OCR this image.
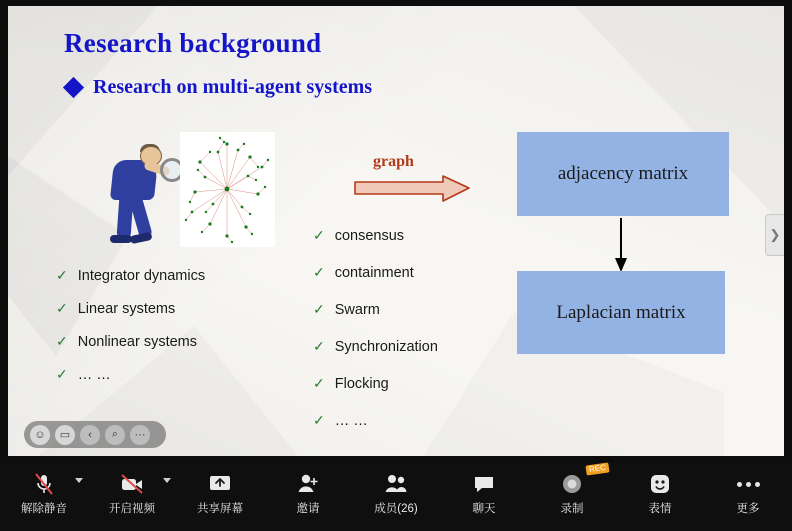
Research background
Research on multi-agent systems
graph
✓ Integrator dynamics
✓ Linear systems
✓ Nonlinear systems
✓ … …
✓ consensus
✓ containment
✓ Swarm
✓ Synchronization
✓ Flocking
✓ … …
adjacency matrix
Laplacian matrix
❯
☺	▭	‹	⌕	···
解除静音	开启视频	共享屏幕	邀请	成员(26)	聊天
REC
录制	表情	更多
